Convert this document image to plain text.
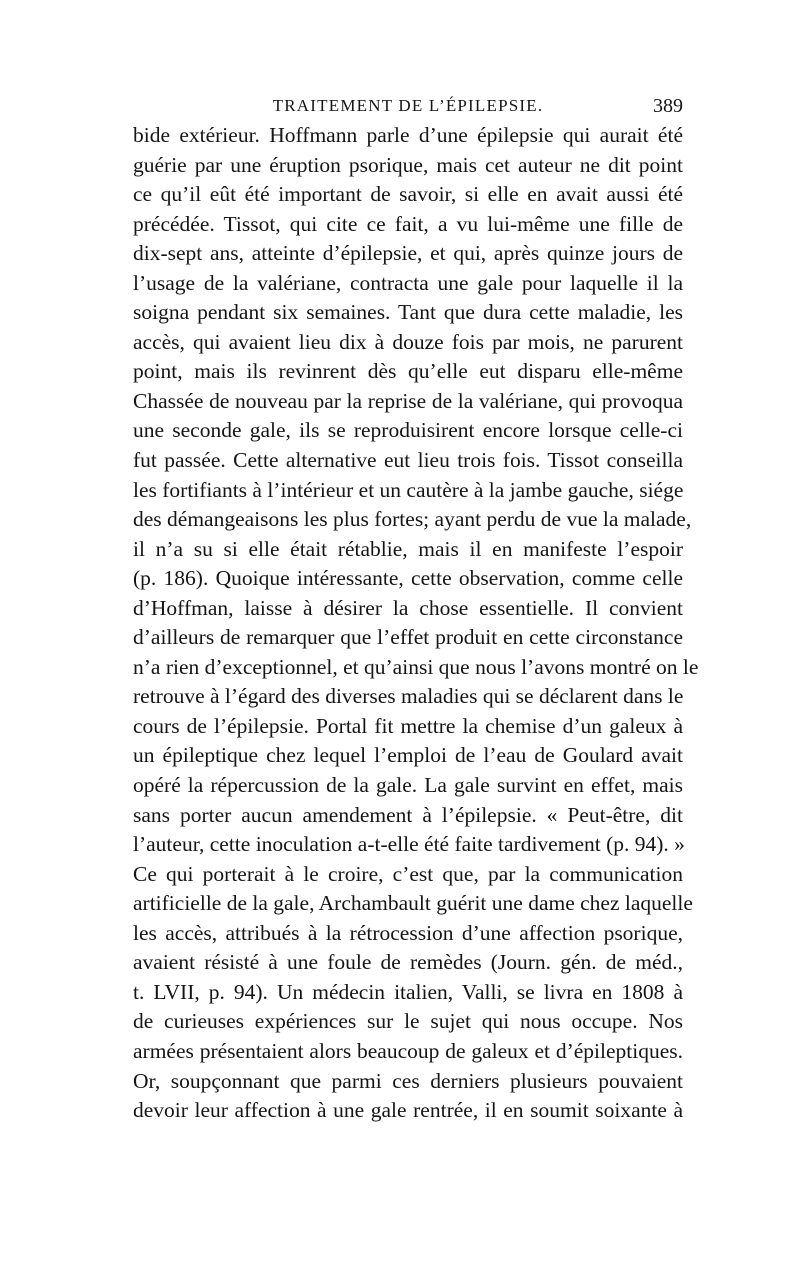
TRAITEMENT DE L’ÉPILEPSIE.	389
bide extérieur. Hoffmann parle d’une épilepsie qui aurait été
guérie par une éruption psorique, mais cet auteur ne dit point
ce qu’il eût été important de savoir, si elle en avait aussi été
précédée. Tissot, qui cite ce fait, a vu lui-même une fille de
dix-sept ans, atteinte d’épilepsie, et qui, après quinze jours de
l’usage de la valériane, contracta une gale pour laquelle il la
soigna pendant six semaines. Tant que dura cette maladie, les
accès, qui avaient lieu dix à douze fois par mois, ne parurent
point, mais ils revinrent dès qu’elle eut disparu elle-même
Chassée de nouveau par la reprise de la valériane, qui provoqua
une seconde gale, ils se reproduisirent encore lorsque celle-ci
fut passée. Cette alternative eut lieu trois fois. Tissot conseilla
les fortifiants à l’intérieur et un cautère à la jambe gauche, siége
des démangeaisons les plus fortes; ayant perdu de vue la malade,
il n’a su si elle était rétablie, mais il en manifeste l’espoir
(p. 186). Quoique intéressante, cette observation, comme celle
d’Hoffman, laisse à désirer la chose essentielle. Il convient
d’ailleurs de remarquer que l’effet produit en cette circonstance
n’a rien d’exceptionnel, et qu’ainsi que nous l’avons montré on le
retrouve à l’égard des diverses maladies qui se déclarent dans le
cours de l’épilepsie. Portal fit mettre la chemise d’un galeux à
un épileptique chez lequel l’emploi de l’eau de Goulard avait
opéré la répercussion de la gale. La gale survint en effet, mais
sans porter aucun amendement à l’épilepsie. « Peut-être, dit
l’auteur, cette inoculation a-t-elle été faite tardivement (p. 94). »
Ce qui porterait à le croire, c’est que, par la communication
artificielle de la gale, Archambault guérit une dame chez laquelle
les accès, attribués à la rétrocession d’une affection psorique,
avaient résisté à une foule de remèdes (Journ. gén. de méd.,
t. LVII, p. 94). Un médecin italien, Valli, se livra en 1808 à
de curieuses expériences sur le sujet qui nous occupe. Nos
armées présentaient alors beaucoup de galeux et d’épileptiques.
Or, soupçonnant que parmi ces derniers plusieurs pouvaient
devoir leur affection à une gale rentrée, il en soumit soixante à
